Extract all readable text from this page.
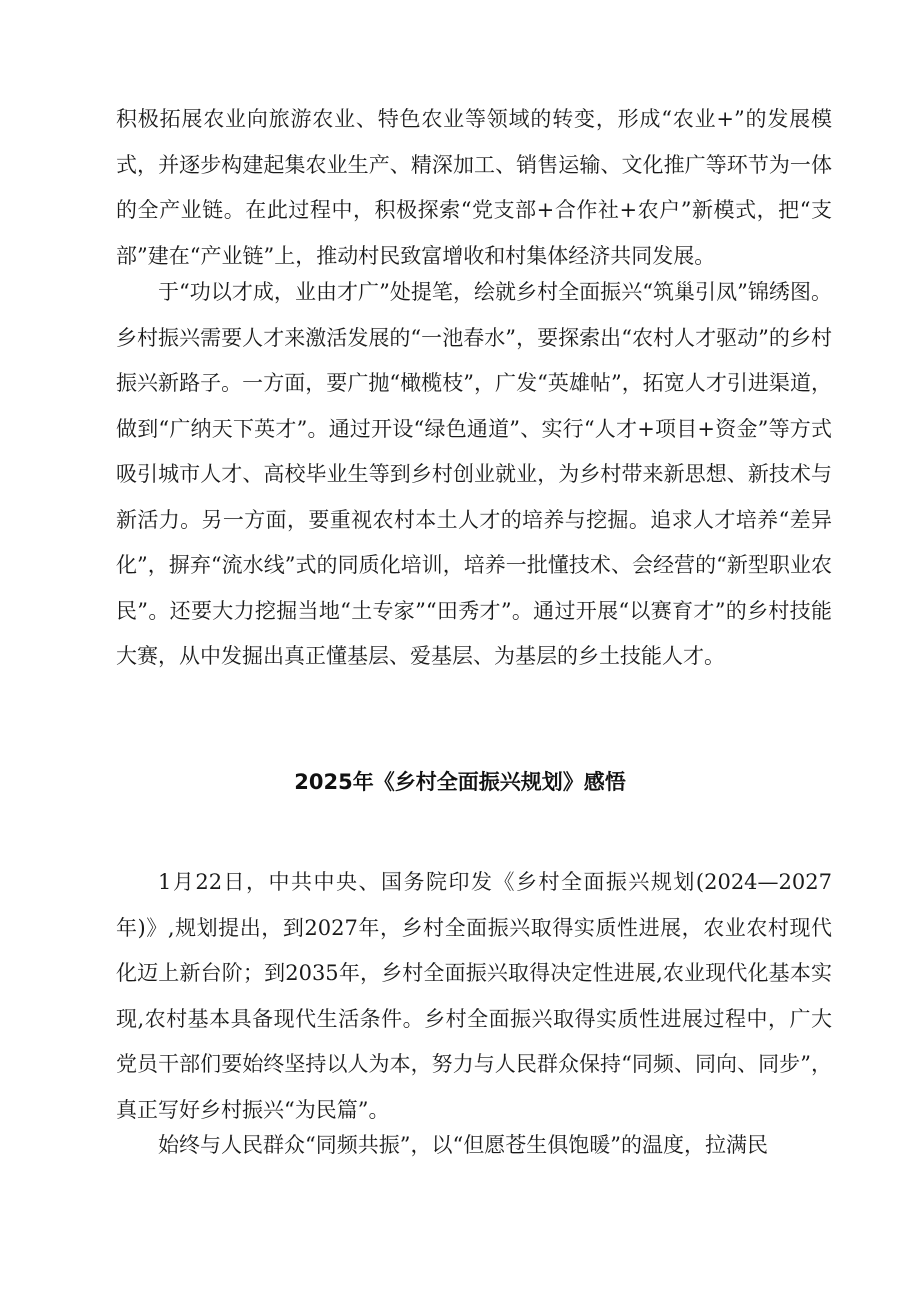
积极拓展农业向旅游农业、特色农业等领域的转变，形成“农业+”的发展模式，并逐步构建起集农业生产、精深加工、销售运输、文化推广等环节为一体的全产业链。在此过程中，积极探索“党支部+合作社+农户”新模式，把“支部”建在“产业链”上，推动村民致富增收和村集体经济共同发展。

于“功以才成，业由才广”处提笔，绘就乡村全面振兴“筑巢引凤”锦绣图。乡村振兴需要人才来激活发展的“一池春水”，要探索出“农村人才驱动”的乡村振兴新路子。一方面，要广抛“橄榄枝”，广发“英雄帖”，拓宽人才引进渠道，做到“广纳天下英才”。通过开设“绿色通道”、实行“人才+项目+资金”等方式吸引城市人才、高校毕业生等到乡村创业就业，为乡村带来新思想、新技术与新活力。另一方面，要重视农村本土人才的培养与挖掘。追求人才培养“差异化”，摒弃“流水线”式的同质化培训，培养一批懂技术、会经营的“新型职业农民”。还要大力挖掘当地“土专家”“田秀才”。通过开展“以赛育才”的乡村技能大赛，从中发掘出真正懂基层、爱基层、为基层的乡土技能人才。

2025年《乡村全面振兴规划》感悟

1月22日，中共中央、国务院印发《乡村全面振兴规划(2024—2027年)》,规划提出，到2027年，乡村全面振兴取得实质性进展，农业农村现代化迈上新台阶；到2035年，乡村全面振兴取得决定性进展,农业现代化基本实现,农村基本具备现代生活条件。乡村全面振兴取得实质性进展过程中，广大党员干部们要始终坚持以人为本，努力与人民群众保持“同频、同向、同步”，真正写好乡村振兴“为民篇”。

始终与人民群众“同频共振”，以“但愿苍生俱饱暖”的温度，拉满民
